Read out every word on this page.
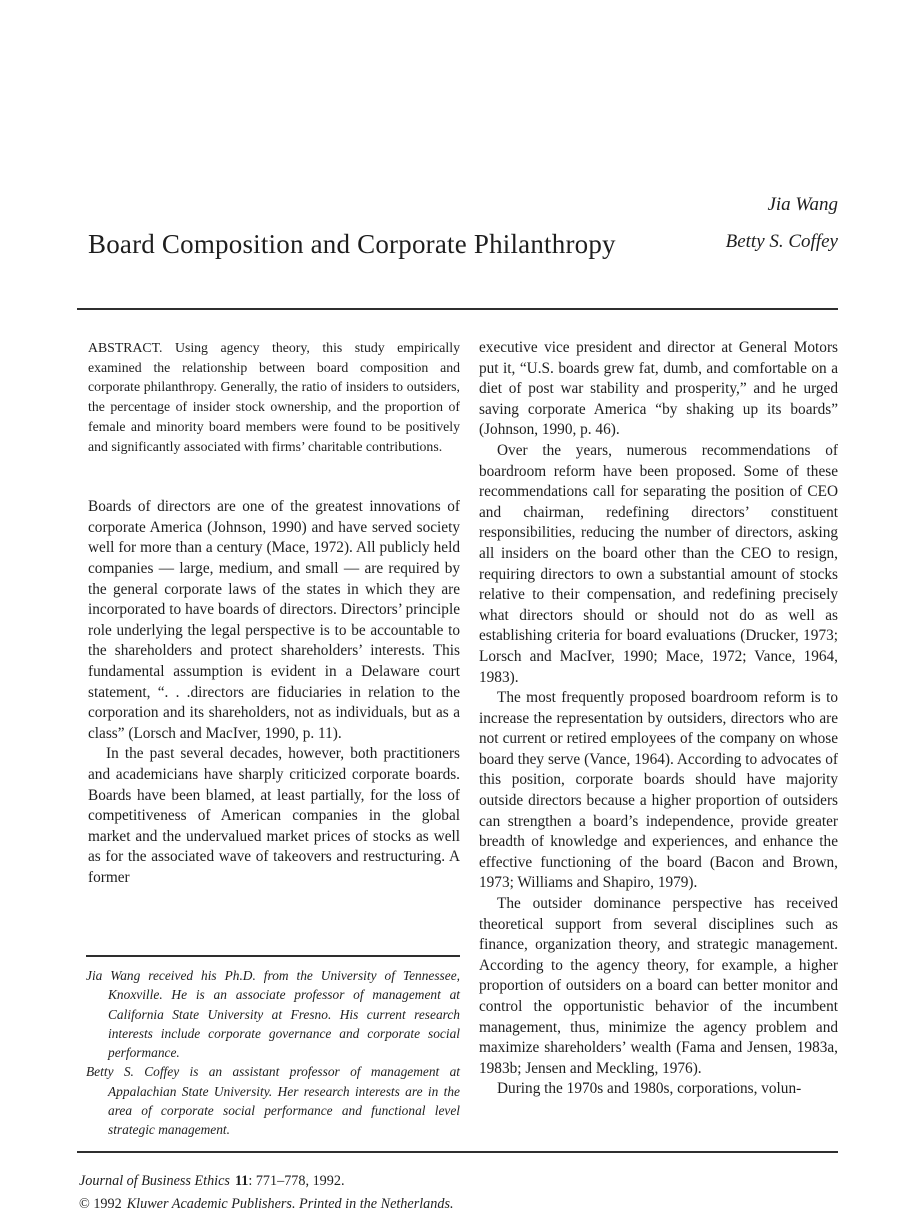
Board Composition and Corporate Philanthropy
Jia Wang
Betty S. Coffey

ABSTRACT. Using agency theory, this study empirically examined the relationship between board composition and corporate philanthropy. Generally, the ratio of insiders to outsiders, the percentage of insider stock ownership, and the proportion of female and minority board members were found to be positively and significantly associated with firms’ charitable contributions.

Boards of directors are one of the greatest innovations of corporate America (Johnson, 1990) and have served society well for more than a century (Mace, 1972). All publicly held companies — large, medium, and small — are required by the general corporate laws of the states in which they are incorporated to have boards of directors. Directors’ principle role underlying the legal perspective is to be accountable to the shareholders and protect shareholders’ interests. This fundamental assumption is evident in a Delaware court statement, “. . .directors are fiduciaries in relation to the corporation and its shareholders, not as individuals, but as a class” (Lorsch and MacIver, 1990, p. 11).

In the past several decades, however, both practitioners and academicians have sharply criticized corporate boards. Boards have been blamed, at least partially, for the loss of competitiveness of American companies in the global market and the undervalued market prices of stocks as well as for the associated wave of takeovers and restructuring. A former

executive vice president and director at General Motors put it, “U.S. boards grew fat, dumb, and comfortable on a diet of post war stability and prosperity,” and he urged saving corporate America “by shaking up its boards” (Johnson, 1990, p. 46).

Over the years, numerous recommendations of boardroom reform have been proposed. Some of these recommendations call for separating the position of CEO and chairman, redefining directors’ constituent responsibilities, reducing the number of directors, asking all insiders on the board other than the CEO to resign, requiring directors to own a substantial amount of stocks relative to their compensation, and redefining precisely what directors should or should not do as well as establishing criteria for board evaluations (Drucker, 1973; Lorsch and MacIver, 1990; Mace, 1972; Vance, 1964, 1983).

The most frequently proposed boardroom reform is to increase the representation by outsiders, directors who are not current or retired employees of the company on whose board they serve (Vance, 1964). According to advocates of this position, corporate boards should have majority outside directors because a higher proportion of outsiders can strengthen a board’s independence, provide greater breadth of knowledge and experiences, and enhance the effective functioning of the board (Bacon and Brown, 1973; Williams and Shapiro, 1979).

The outsider dominance perspective has received theoretical support from several disciplines such as finance, organization theory, and strategic management. According to the agency theory, for example, a higher proportion of outsiders on a board can better monitor and control the opportunistic behavior of the incumbent management, thus, minimize the agency problem and maximize shareholders’ wealth (Fama and Jensen, 1983a, 1983b; Jensen and Meckling, 1976).

During the 1970s and 1980s, corporations, volun-

Jia Wang received his Ph.D. from the University of Tennessee, Knoxville. He is an associate professor of management at California State University at Fresno. His current research interests include corporate governance and corporate social performance.

Betty S. Coffey is an assistant professor of management at Appalachian State University. Her research interests are in the area of corporate social performance and functional level strategic management.

Journal of Business Ethics 11: 771–778, 1992.

© 1992 Kluwer Academic Publishers. Printed in the Netherlands.
